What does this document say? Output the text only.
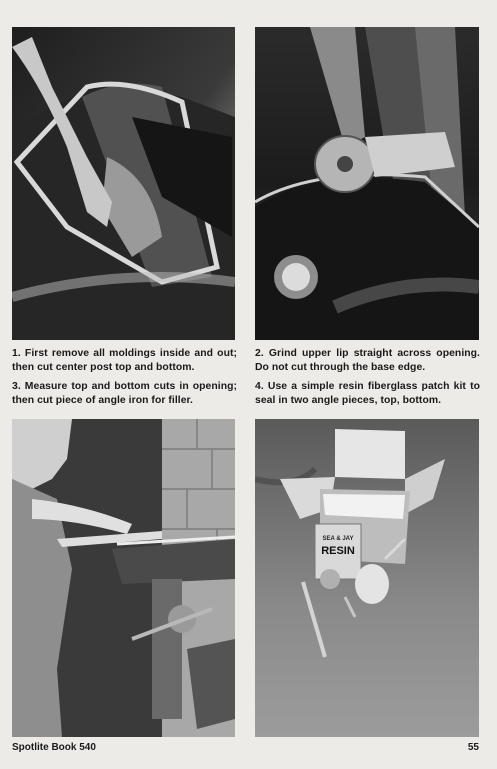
1. First remove all moldings inside and out; then cut center post top and bottom.
2. Grind upper lip straight across opening. Do not cut through the base edge.
3. Measure top and bottom cuts in opening; then cut piece of angle iron for filler.
4. Use a simple resin fiberglass patch kit to seal in two angle pieces, top, bottom.
SEA & JAY
RESIN
Spotlite Book 540	55
